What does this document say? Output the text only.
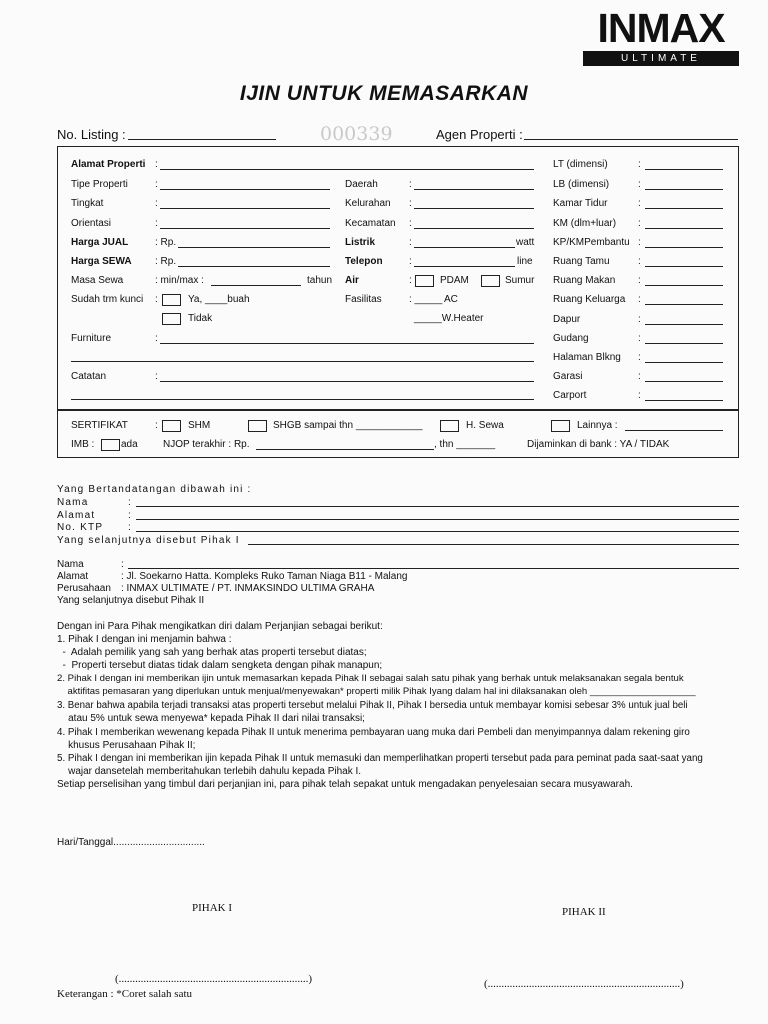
INMAX
ULTIMATE
IJIN UNTUK MEMASARKAN
No. Listing :	000339	Agen Properti :
Alamat Properti :
Tipe Properti	:
Tingkat	:
Orientasi	:
Harga JUAL	: Rp.
Harga SEWA : Rp.
Masa Sewa	: min/max :	tahun
Sudah trm kunci :	Ya, ____buah
Tidak
Furniture	:
Catatan	:
Daerah	:
Kelurahan :
Kecamatan :
Listrik	:	watt
Telepon	:	line
Air	:	PDAM	Sumur
Fasilitas	: _____ AC
_____W.Heater
LT (dimensi)	:
LB (dimensi)	:
Kamar Tidur	:
KM (dlm+luar) :
KP/KMPembantu :
Ruang Tamu	:
Ruang Makan :
Ruang Keluarga :
Dapur	:
Gudang	:
Halaman Blkng :
Garasi	:
Carport	:
SERTIFIKAT	:	SHM	SHGB sampai thn ____________	H. Sewa	Lainnya :
IMB :	ada	NJOP terakhir : Rp.	, thn _______	Dijaminkan di bank : YA / TIDAK
Yang Bertandatangan dibawah ini :
Nama	:
Alamat	:
No. KTP :
Yang selanjutnya disebut Pihak I
Nama	:
Alamat	: Jl. Soekarno Hatta. Kompleks Ruko Taman Niaga B11 - Malang
Perusahaan : INMAX ULTIMATE / PT. INMAKSINDO ULTIMA GRAHA
Yang selanjutnya disebut Pihak II
Dengan ini Para Pihak mengikatkan diri dalam Perjanjian sebagai berikut:
1. Pihak I dengan ini menjamin bahwa :
-  Adalah pemilik yang sah yang berhak atas properti tersebut diatas;
-  Properti tersebut diatas tidak dalam sengketa dengan pihak manapun;
2. Pihak I dengan ini memberikan ijin untuk memasarkan kepada Pihak II sebagai salah satu pihak yang berhak untuk melaksanakan segala bentuk
aktifitas pemasaran yang diperlukan untuk menjual/menyewakan* properti milik Pihak Iyang dalam hal ini dilaksanakan oleh ____________________
3. Benar bahwa apabila terjadi transaksi atas properti tersebut melalui Pihak II, Pihak I bersedia untuk membayar komisi sebesar 3% untuk jual beli
atau 5% untuk sewa menyewa* kepada Pihak II dari nilai transaksi;
4. Pihak I memberikan wewenang kepada Pihak II untuk menerima pembayaran uang muka dari Pembeli dan menyimpannya dalam rekening giro
khusus Perusahaan Pihak II;
5. Pihak I dengan ini memberikan ijin kepada Pihak II untuk memasuki dan memperlihatkan properti tersebut pada para peminat pada saat-saat yang
wajar dansetelah memberitahukan terlebih dahulu kepada Pihak I.
Setiap perselisihan yang timbul dari perjanjian ini, para pihak telah sepakat untuk mengadakan penyelesaian secara musyawarah.
Hari/Tanggal.................................
PIHAK I	PIHAK II
(.....................................................................)	(......................................................................)
Keterangan : *Coret salah satu
